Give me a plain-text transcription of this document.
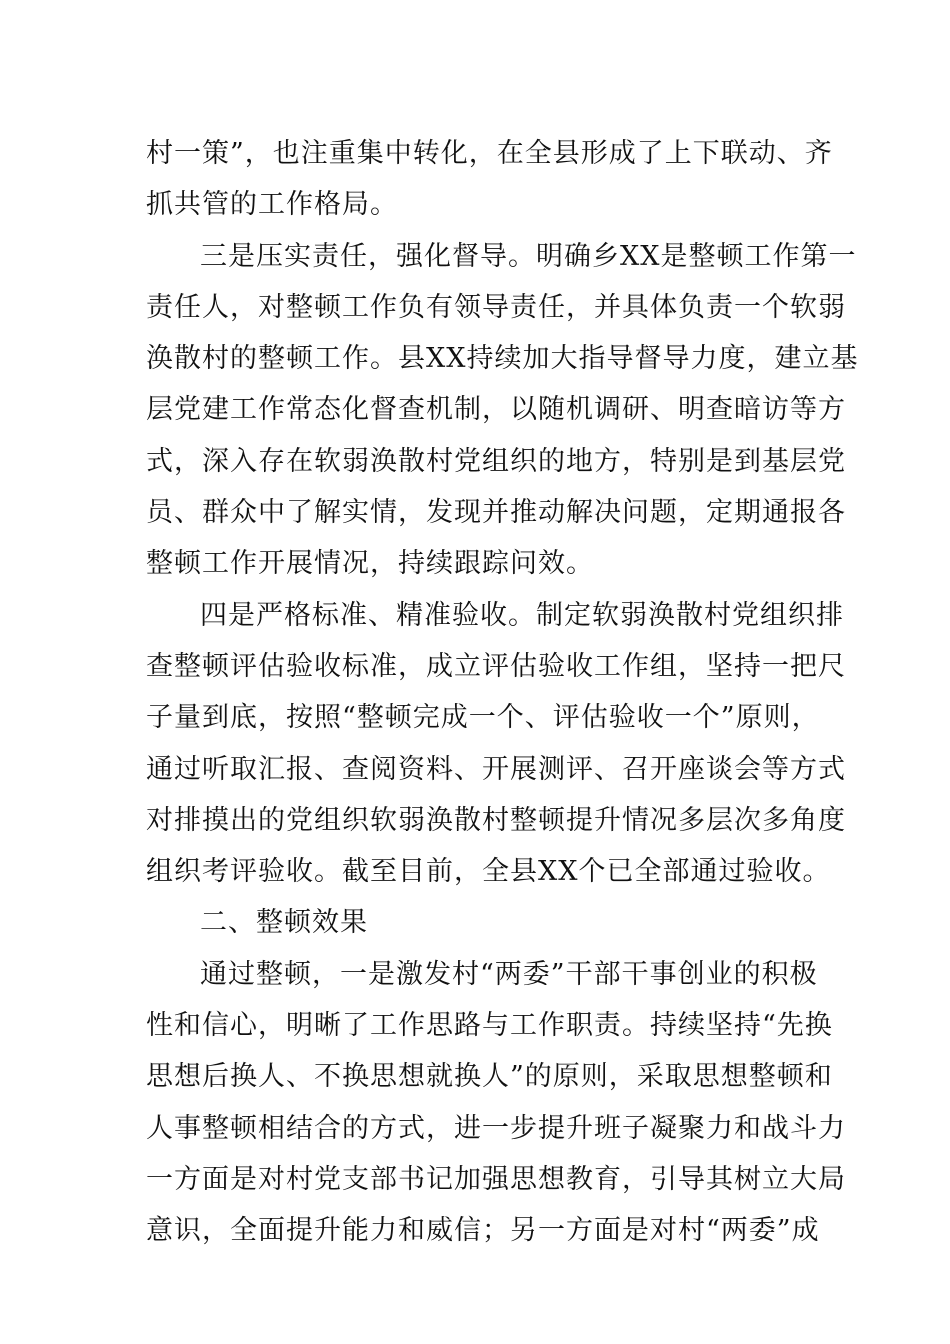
村一策”，也注重集中转化，在全县形成了上下联动、齐
抓共管的工作格局。
三是压实责任，强化督导。明确乡XX是整顿工作第一
责任人，对整顿工作负有领导责任，并具体负责一个软弱
涣散村的整顿工作。县XX持续加大指导督导力度，建立基
层党建工作常态化督查机制，以随机调研、明查暗访等方
式，深入存在软弱涣散村党组织的地方，特别是到基层党
员、群众中了解实情，发现并推动解决问题，定期通报各
整顿工作开展情况，持续跟踪问效。
四是严格标准、精准验收。制定软弱涣散村党组织排
查整顿评估验收标准，成立评估验收工作组，坚持一把尺
子量到底，按照“整顿完成一个、评估验收一个”原则，
通过听取汇报、查阅资料、开展测评、召开座谈会等方式
对排摸出的党组织软弱涣散村整顿提升情况多层次多角度
组织考评验收。截至目前，全县XX个已全部通过验收。
二、整顿效果
通过整顿，一是激发村“两委”干部干事创业的积极
性和信心，明晰了工作思路与工作职责。持续坚持“先换
思想后换人、不换思想就换人”的原则，采取思想整顿和
人事整顿相结合的方式，进一步提升班子凝聚力和战斗力
一方面是对村党支部书记加强思想教育，引导其树立大局
意识，全面提升能力和威信；另一方面是对村“两委”成
